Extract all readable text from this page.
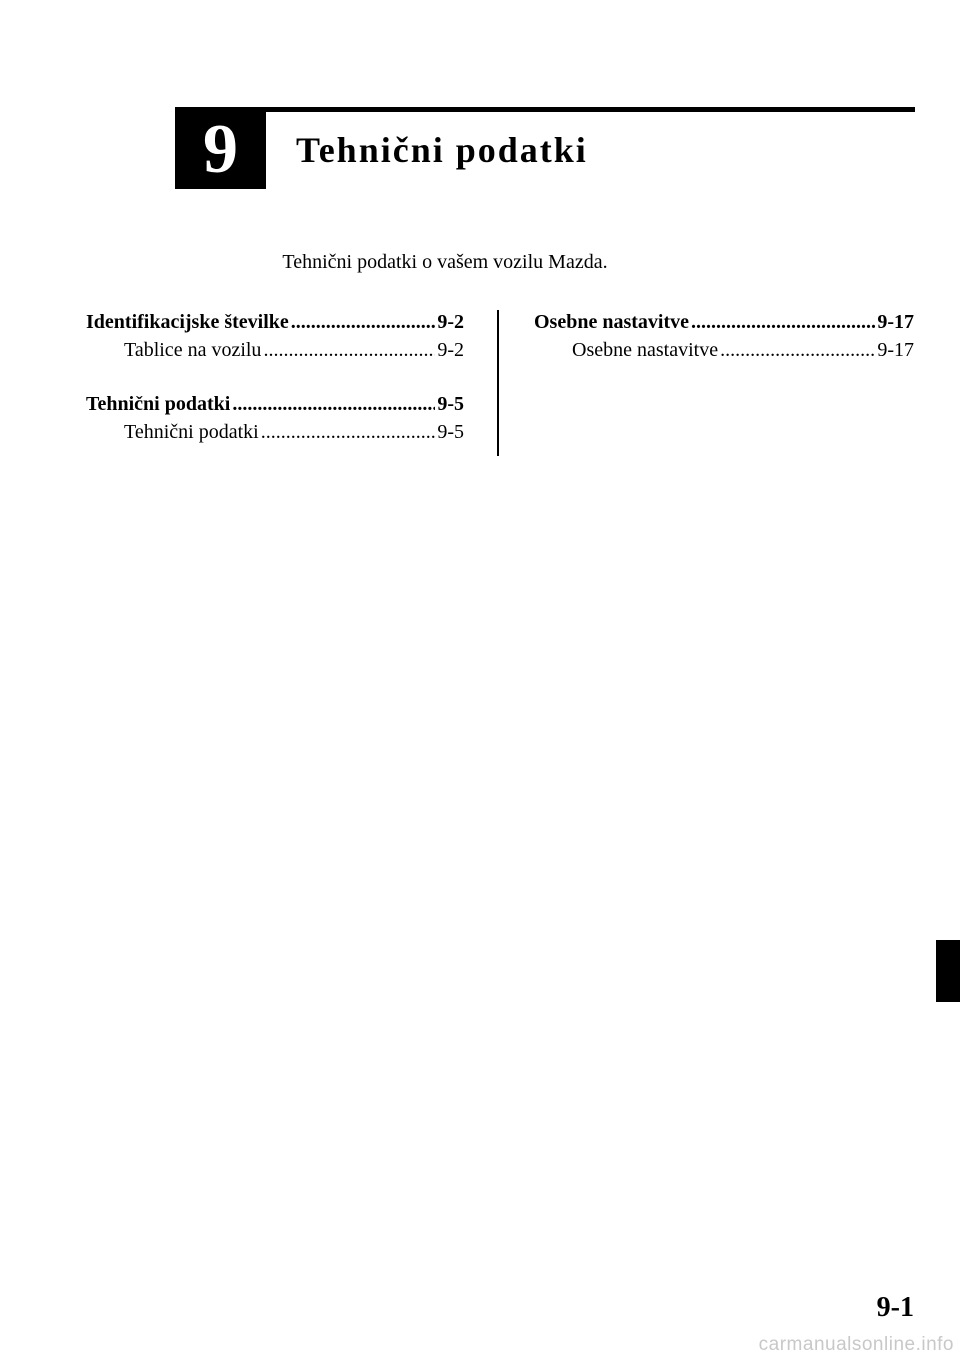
9	Tehnični podatki
Tehnični podatki o vašem vozilu Mazda.
Identifikacijske številke .....	9-2
Tablice na vozilu .....	9-2
Tehnični podatki .....	9-5
Tehnični podatki .....	9-5
Osebne nastavitve .....	9-17
Osebne nastavitve .....	9-17
9-1
carmanualsonline.info
